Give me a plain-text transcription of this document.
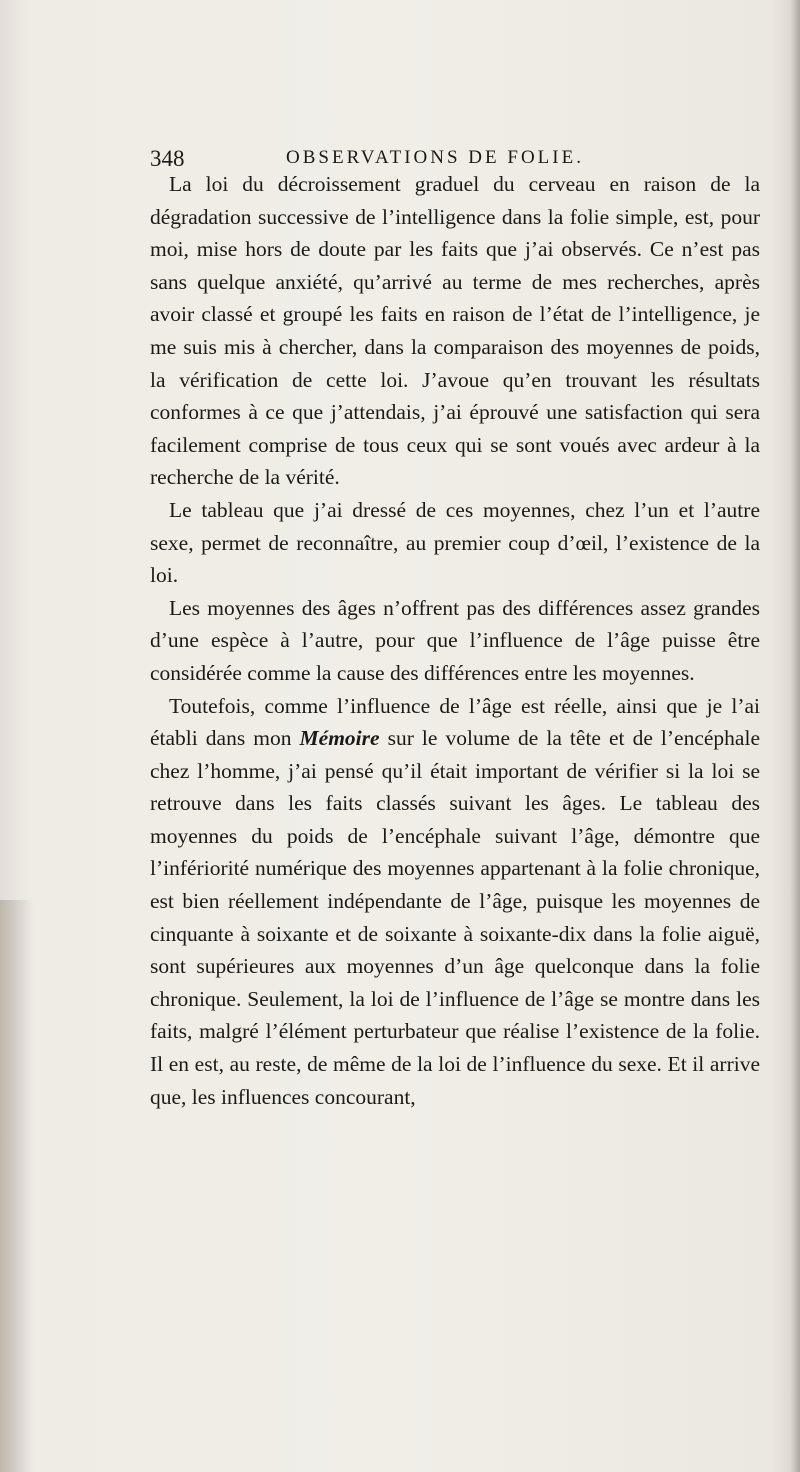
348	OBSERVATIONS DE FOLIE.

La loi du décroissement graduel du cerveau en raison de la dégradation successive de l’intelligence dans la folie simple, est, pour moi, mise hors de doute par les faits que j’ai observés. Ce n’est pas sans quelque anxiété, qu’arrivé au terme de mes recherches, après avoir classé et groupé les faits en raison de l’état de l’intelligence, je me suis mis à chercher, dans la comparaison des moyennes de poids, la vérification de cette loi. J’avoue qu’en trouvant les résultats conformes à ce que j’attendais, j’ai éprouvé une satisfaction qui sera facilement comprise de tous ceux qui se sont voués avec ardeur à la recherche de la vérité.

Le tableau que j’ai dressé de ces moyennes, chez l’un et l’autre sexe, permet de reconnaître, au premier coup d’œil, l’existence de la loi.

Les moyennes des âges n’offrent pas des différences assez grandes d’une espèce à l’autre, pour que l’influence de l’âge puisse être considérée comme la cause des différences entre les moyennes.

Toutefois, comme l’influence de l’âge est réelle, ainsi que je l’ai établi dans mon Mémoire sur le volume de la tête et de l’encéphale chez l’homme, j’ai pensé qu’il était important de vérifier si la loi se retrouve dans les faits classés suivant les âges. Le tableau des moyennes du poids de l’encéphale suivant l’âge, démontre que l’infériorité numérique des moyennes appartenant à la folie chronique, est bien réellement indépendante de l’âge, puisque les moyennes de cinquante à soixante et de soixante à soixante-dix dans la folie aiguë, sont supérieures aux moyennes d’un âge quelconque dans la folie chronique. Seulement, la loi de l’influence de l’âge se montre dans les faits, malgré l’élément perturbateur que réalise l’existence de la folie. Il en est, au reste, de même de la loi de l’influence du sexe. Et il arrive que, les influences concourant,
